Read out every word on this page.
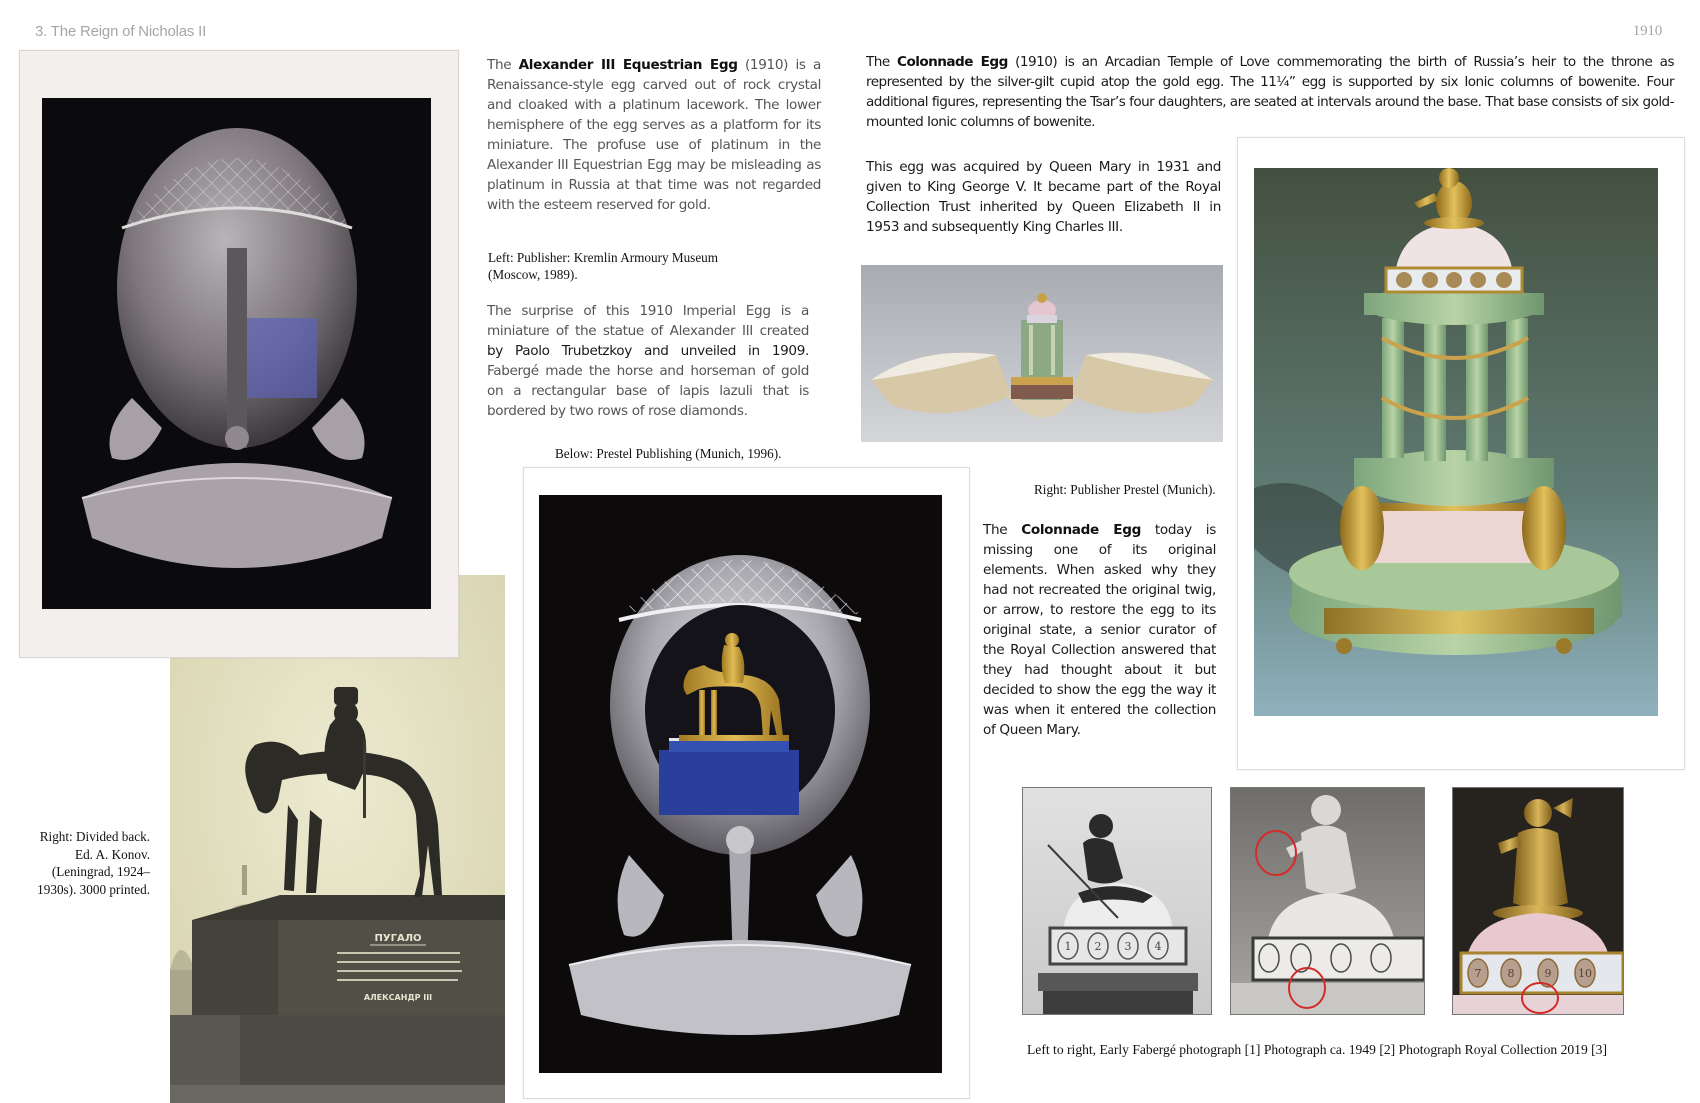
3. The Reign of Nicholas II	1910
ПУГАЛО
АЛЕКСАНДР III
The Alexander III Equestrian Egg (1910) is a Renaissance-style egg carved out of rock crystal and cloaked with a platinum lacework. The lower hemisphere of the egg serves as a platform for its miniature. The profuse use of platinum in the Alexander III Equestrian Egg may be misleading as platinum in Russia at that time was not regarded with the esteem reserved for gold.
Left: Publisher: Kremlin Armoury Museum (Moscow, 1989).
The surprise of this 1910 Imperial Egg is a miniature of the statue of Alexander III created by Paolo Trubetzkoy and unveiled in 1909. Fabergé made the horse and horseman of gold on a rectangular base of lapis lazuli that is bordered by two rows of rose diamonds.
Below: Prestel Publishing (Munich, 1996).
The Colonnade Egg (1910) is an Arcadian Temple of Love commemorating the birth of Russia’s heir to the throne as represented by the silver-gilt cupid atop the gold egg. The 11¼” egg is supported by six Ionic columns of bowenite. Four additional figures, representing the Tsar’s four daughters, are seated at intervals around the base. That base consists of six gold-mounted Ionic columns of bowenite.
This egg was acquired by Queen Mary in 1931 and given to King George V. It became part of the Royal Collection Trust inherited by Queen Elizabeth II in 1953 and subsequently King Charles III.
Right: Publisher Prestel (Munich).
The Colonnade Egg today is missing one of its original elements. When asked why they had not recreated the original twig, or arrow, to restore the egg to its original state, a senior curator of the Royal Collection answered that they had thought about it but decided to show the egg the way it was when it entered the collection of Queen Mary.
1 2 3 4
7 8	9 10
Left to right, Early Fabergé photograph [1] Photograph ca. 1949 [2] Photograph Royal Collection 2019 [3]
Right: Divided back. Ed. A. Konov. (Leningrad, 1924–1930s). 3000 printed.
